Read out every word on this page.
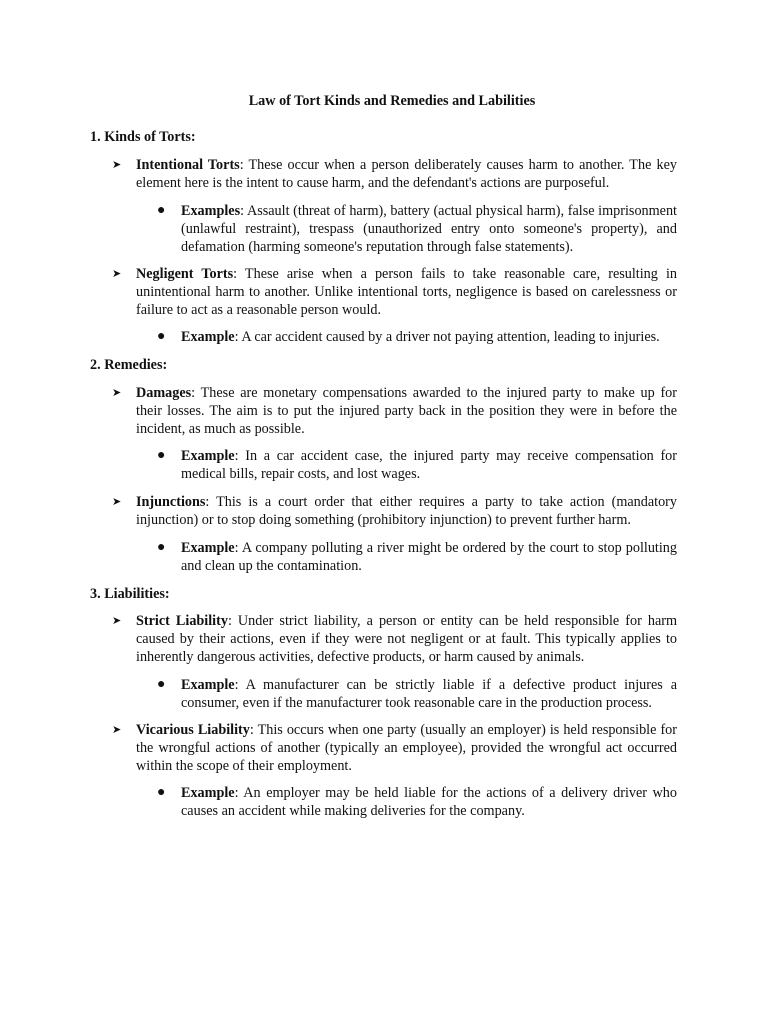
Law of Tort Kinds and Remedies and Labilities
1. Kinds of Torts:
➤ Intentional Torts: These occur when a person deliberately causes harm to another. The key element here is the intent to cause harm, and the defendant's actions are purposeful.
● Examples: Assault (threat of harm), battery (actual physical harm), false imprisonment (unlawful restraint), trespass (unauthorized entry onto someone's property), and defamation (harming someone's reputation through false statements).
➤ Negligent Torts: These arise when a person fails to take reasonable care, resulting in unintentional harm to another. Unlike intentional torts, negligence is based on carelessness or failure to act as a reasonable person would.
● Example: A car accident caused by a driver not paying attention, leading to injuries.
2. Remedies:
➤ Damages: These are monetary compensations awarded to the injured party to make up for their losses. The aim is to put the injured party back in the position they were in before the incident, as much as possible.
● Example: In a car accident case, the injured party may receive compensation for medical bills, repair costs, and lost wages.
➤ Injunctions: This is a court order that either requires a party to take action (mandatory injunction) or to stop doing something (prohibitory injunction) to prevent further harm.
● Example: A company polluting a river might be ordered by the court to stop polluting and clean up the contamination.
3. Liabilities:
➤ Strict Liability: Under strict liability, a person or entity can be held responsible for harm caused by their actions, even if they were not negligent or at fault. This typically applies to inherently dangerous activities, defective products, or harm caused by animals.
● Example: A manufacturer can be strictly liable if a defective product injures a consumer, even if the manufacturer took reasonable care in the production process.
➤ Vicarious Liability: This occurs when one party (usually an employer) is held responsible for the wrongful actions of another (typically an employee), provided the wrongful act occurred within the scope of their employment.
● Example: An employer may be held liable for the actions of a delivery driver who causes an accident while making deliveries for the company.
